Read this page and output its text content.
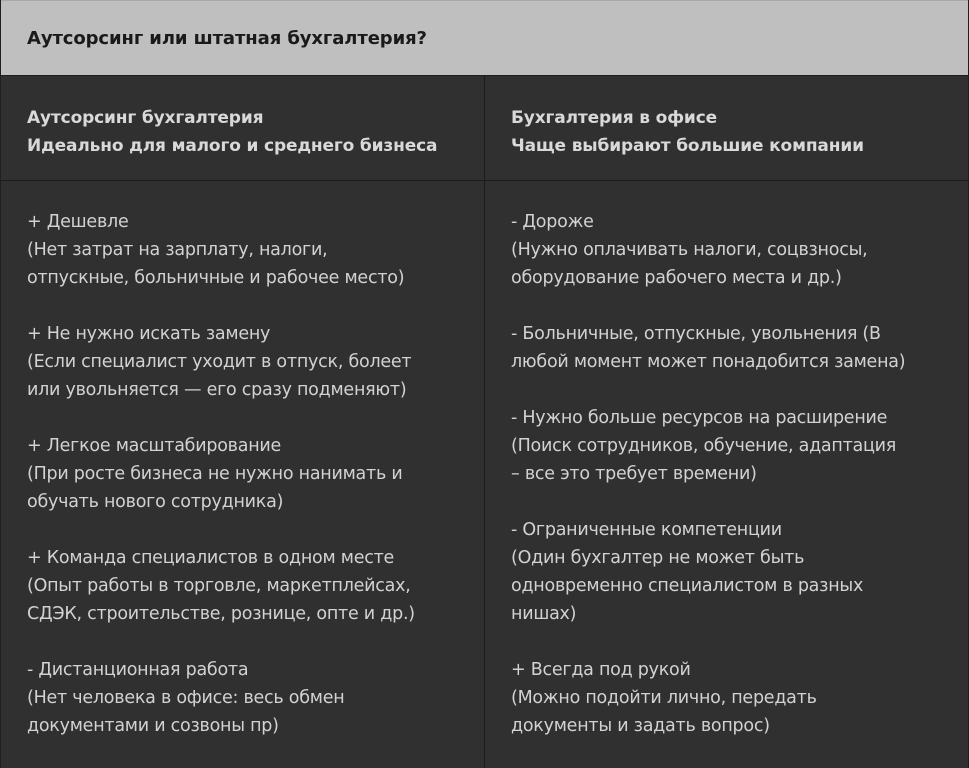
Аутсорсинг или штатная бухгалтерия?
Аутсорсинг бухгалтерия
Идеально для малого и среднего бизнеса
Бухгалтерия в офисе
Чаще выбирают большие компании
+ Дешевле
(Нет затрат на зарплату, налоги,
отпускные, больничные и рабочее место)
+ Не нужно искать замену
(Если специалист уходит в отпуск, болеет
или увольняется — его сразу подменяют)
+ Легкое масштабирование
(При росте бизнеса не нужно нанимать и
обучать нового сотрудника)
+ Команда специалистов в одном месте
(Опыт работы в торговле, маркетплейсах,
СДЭК, строительстве, рознице, опте и др.)
- Дистанционная работа
(Нет человека в офисе: весь обмен
документами и созвоны пр)
- Дороже
(Нужно оплачивать налоги, соцвзносы,
оборудование рабочего места и др.)
- Больничные, отпускные, увольнения (В
любой момент может понадобится замена)
- Нужно больше ресурсов на расширение
(Поиск сотрудников, обучение, адаптация
– все это требует времени)
- Ограниченные компетенции
(Один бухгалтер не может быть
одновременно специалистом в разных
нишах)
+ Всегда под рукой
(Можно подойти лично, передать
документы и задать вопрос)
